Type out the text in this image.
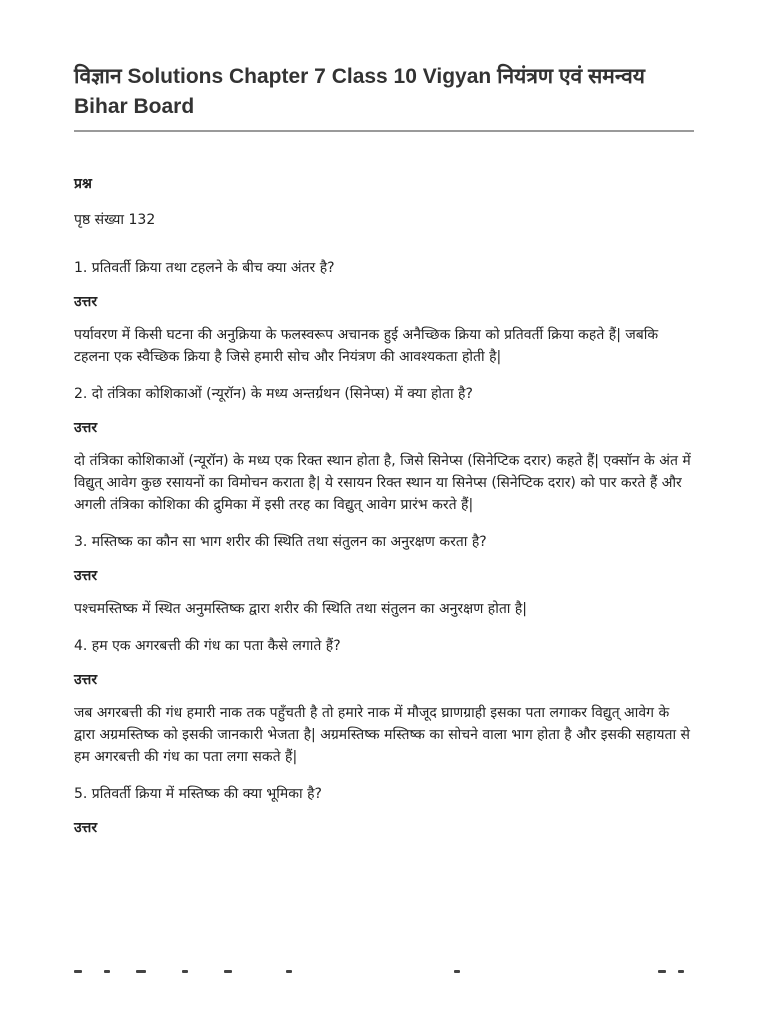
विज्ञान Solutions Chapter 7 Class 10 Vigyan नियंत्रण एवं समन्वय Bihar Board

प्रश्न

पृष्ठ संख्या 132

1. प्रतिवर्ती क्रिया तथा टहलने के बीच क्या अंतर है?

उत्तर

पर्यावरण में किसी घटना की अनुक्रिया के फलस्वरूप अचानक हुई अनैच्छिक क्रिया को प्रतिवर्ती क्रिया कहते हैं| जबकि टहलना एक स्वैच्छिक क्रिया है जिसे हमारी सोच और नियंत्रण की आवश्यकता होती है|

2. दो तंत्रिका कोशिकाओं (न्यूरॉन) के मध्य अन्तर्ग्रथन (सिनेप्स) में क्या होता है?

उत्तर

दो तंत्रिका कोशिकाओं (न्यूरॉन) के मध्य एक रिक्त स्थान होता है, जिसे सिनेप्स (सिनेप्टिक दरार) कहते हैं| एक्सॉन के अंत में विद्युत् आवेग कुछ रसायनों का विमोचन कराता है| ये रसायन रिक्त स्थान या सिनेप्स (सिनेप्टिक दरार) को पार करते हैं और अगली तंत्रिका कोशिका की द्रुमिका में इसी तरह का विद्युत् आवेग प्रारंभ करते हैं|

3. मस्तिष्क का कौन सा भाग शरीर की स्थिति तथा संतुलन का अनुरक्षण करता है?

उत्तर

पश्चमस्तिष्क में स्थित अनुमस्तिष्क द्वारा शरीर की स्थिति तथा संतुलन का अनुरक्षण होता है|

4. हम एक अगरबत्ती की गंध का पता कैसे लगाते हैं?

उत्तर

जब अगरबत्ती की गंध हमारी नाक तक पहुँचती है तो हमारे नाक में मौजूद घ्राणग्राही इसका पता लगाकर विद्युत् आवेग के द्वारा अग्रमस्तिष्क को इसकी जानकारी भेजता है| अग्रमस्तिष्क मस्तिष्क का सोचने वाला भाग होता है और इसकी सहायता से हम अगरबत्ती की गंध का पता लगा सकते हैं|

5. प्रतिवर्ती क्रिया में मस्तिष्क की क्या भूमिका है?

उत्तर
